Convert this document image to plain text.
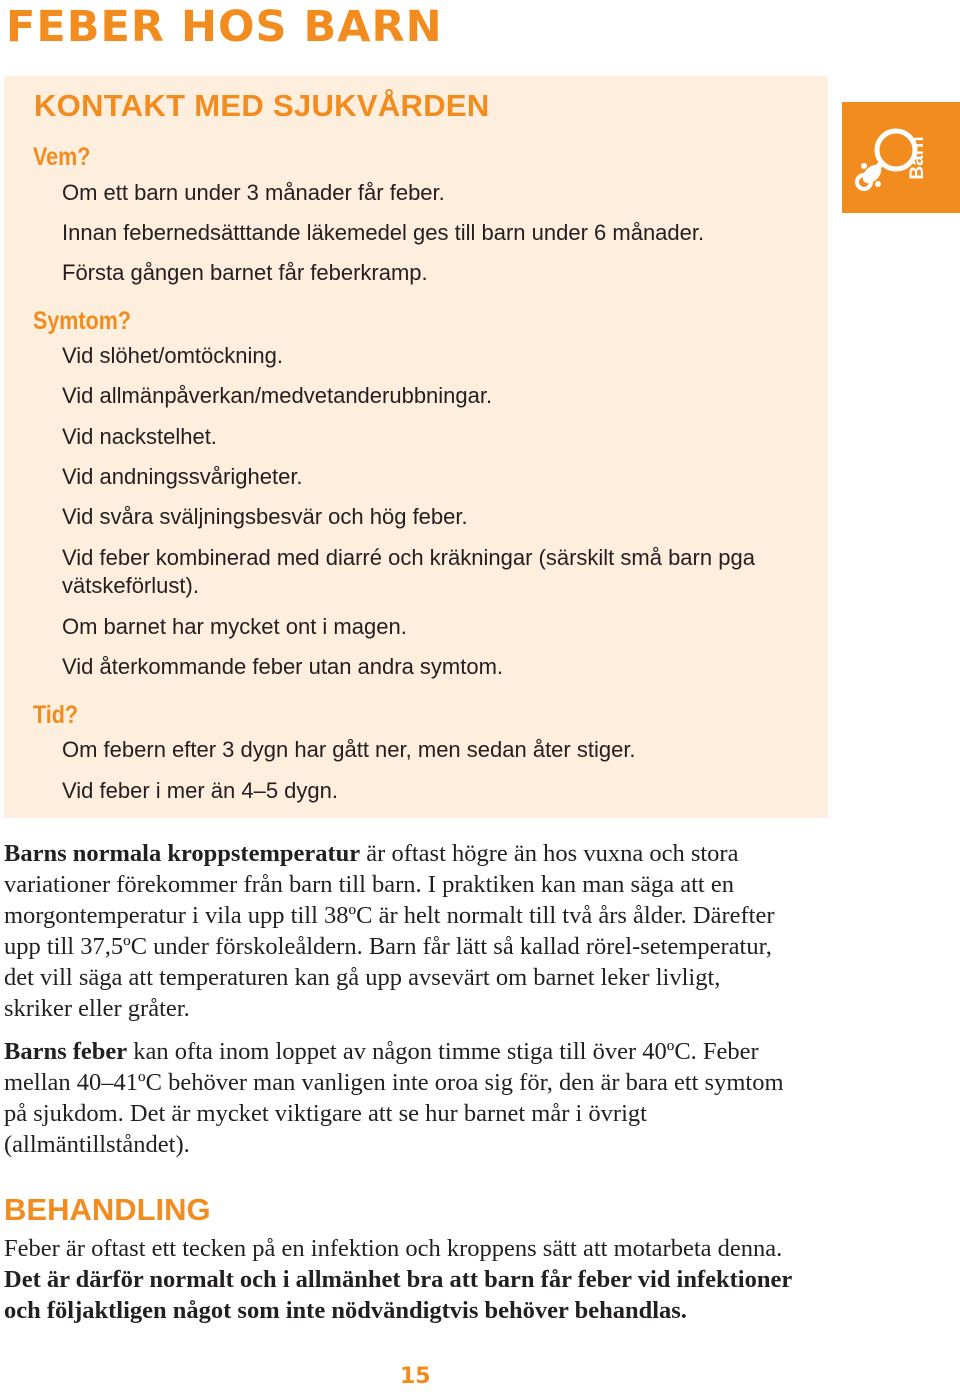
FEBER HOS BARN
Barn
KONTAKT MED SJUKVÅRDEN
Vem?

Om ett barn under 3 månader får feber.

Innan febernedsätttande läkemedel ges till barn under 6 månader.

Första gången barnet får feberkramp.

Symtom?

Vid slöhet/omtöckning.

Vid allmänpåverkan/medvetanderubbningar.

Vid nackstelhet.

Vid andningssvårigheter.

Vid svåra sväljningsbesvär och hög feber.

Vid feber kombinerad med diarré och kräkningar (särskilt små barn pga vätskeförlust).

Om barnet har mycket ont i magen.

Vid återkommande feber utan andra symtom.

Tid?

Om febern efter 3 dygn har gått ner, men sedan åter stiger.

Vid feber i mer än 4–5 dygn.

Barns normala kroppstemperatur är oftast högre än hos vuxna och stora variationer förekommer från barn till barn. I praktiken kan man säga att en morgontemperatur i vila upp till 38ºC är helt normalt till två års ålder. Därefter upp till 37,5ºC under förskoleåldern. Barn får lätt så kallad rörel-setemperatur, det vill säga att temperaturen kan gå upp avsevärt om barnet leker livligt, skriker eller gråter.

Barns feber kan ofta inom loppet av någon timme stiga till över 40ºC. Feber mellan 40–41ºC behöver man vanligen inte oroa sig för, den är bara ett symtom på sjukdom. Det är mycket viktigare att se hur barnet mår i övrigt (allmäntillståndet).

BEHANDLING

Feber är oftast ett tecken på en infektion och kroppens sätt att motarbeta denna. Det är därför normalt och i allmänhet bra att barn får feber vid infektioner och följaktligen något som inte nödvändigtvis behöver behandlas.

15
